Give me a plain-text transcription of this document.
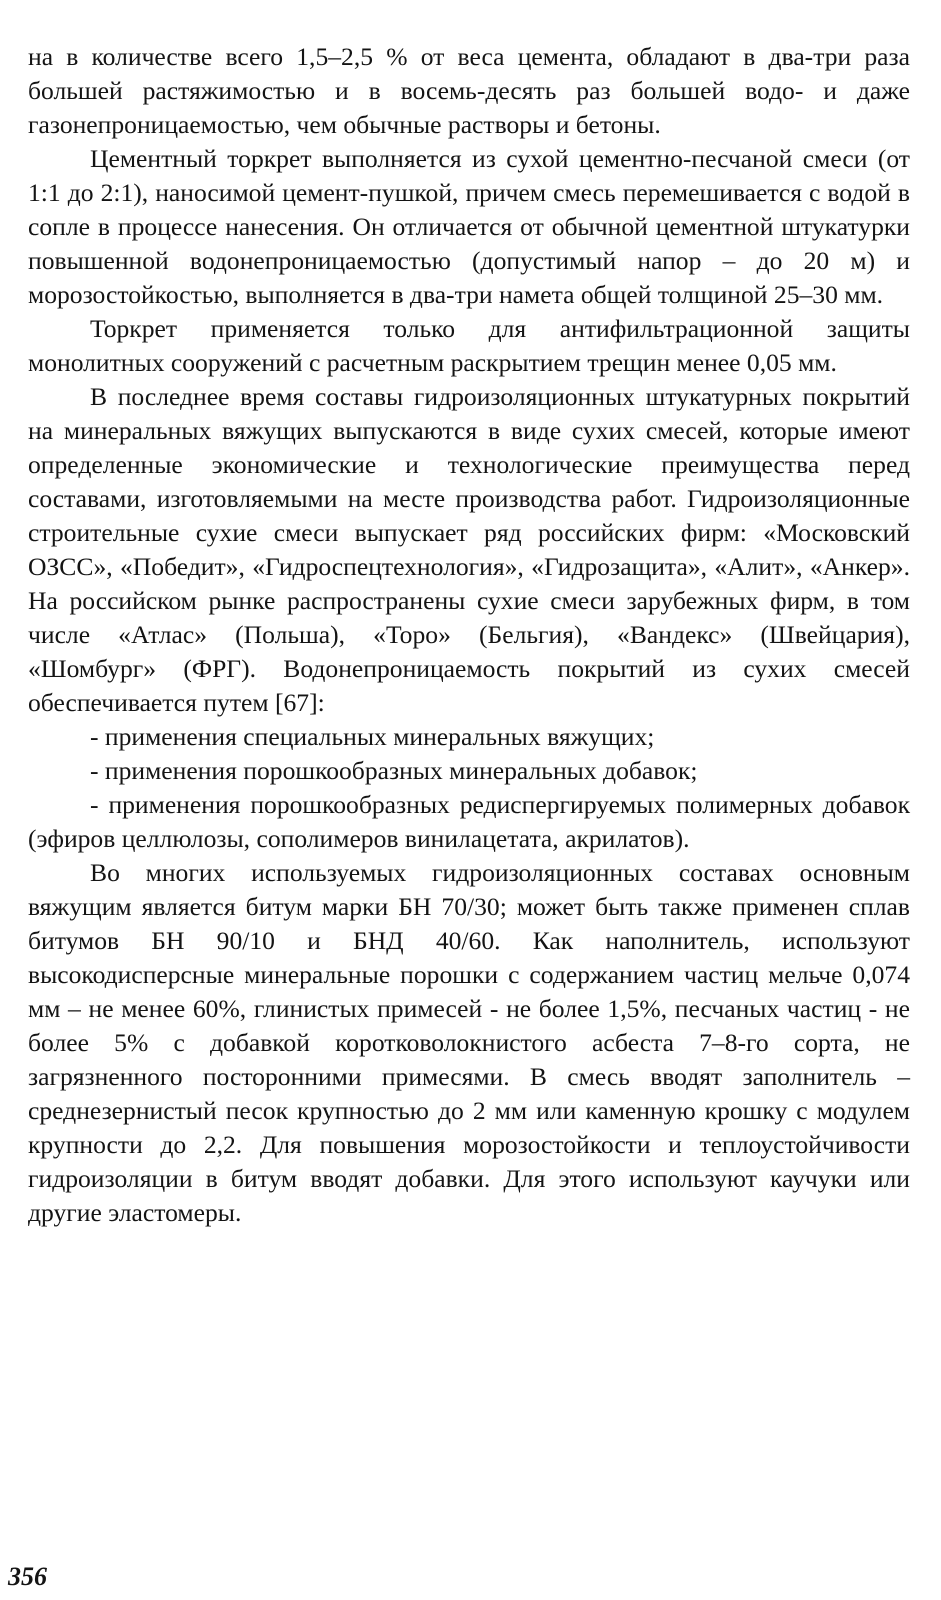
на в количестве всего 1,5–2,5 % от веса цемента, обладают в два-три раза большей растяжимостью и в восемь-десять раз большей водо- и даже газонепроницаемостью, чем обычные растворы и бетоны.

Цементный торкрет выполняется из сухой цементно-песчаной смеси (от 1:1 до 2:1), наносимой цемент-пушкой, причем смесь перемешивается с водой в сопле в процессе нанесения. Он отличается от обычной цементной штукатурки повышенной водонепроницаемостью (допустимый напор – до 20 м) и морозостойкостью, выполняется в два-три намета общей толщиной 25–30 мм.

Торкрет применяется только для антифильтрационной защиты монолитных сооружений с расчетным раскрытием трещин менее 0,05 мм.

В последнее время составы гидроизоляционных штукатурных покрытий на минеральных вяжущих выпускаются в виде сухих смесей, которые имеют определенные экономические и технологические преимущества перед составами, изготовляемыми на месте производства работ. Гидроизоляционные строительные сухие смеси выпускает ряд российских фирм: «Московский ОЗСС», «Победит», «Гидроспецтехнология», «Гидрозащита», «Алит», «Анкер». На российском рынке распространены сухие смеси зарубежных фирм, в том числе «Атлас» (Польша), «Торо» (Бельгия), «Вандекс» (Швейцария), «Шомбург» (ФРГ). Водонепроницаемость покрытий из сухих смесей обеспечивается путем [67]:

- применения специальных минеральных вяжущих;

- применения порошкообразных минеральных добавок;

- применения порошкообразных редиспергируемых полимерных добавок (эфиров целлюлозы, сополимеров винилацетата, акрилатов).

Во многих используемых гидроизоляционных составах основным вяжущим является битум марки БН 70/30; может быть также применен сплав битумов БН 90/10 и БНД 40/60. Как наполнитель, используют высокодисперсные минеральные порошки с содержанием частиц мельче 0,074 мм – не менее 60%, глинистых примесей - не более 1,5%, песчаных частиц - не более 5% с добавкой коротковолокнистого асбеста 7–8-го сорта, не загрязненного посторонними примесями. В смесь вводят заполнитель – среднезернистый песок крупностью до 2 мм или каменную крошку с модулем крупности до 2,2. Для повышения морозостойкости и теплоустойчивости гидроизоляции в битум вводят добавки. Для этого используют каучуки или другие эластомеры.

356
